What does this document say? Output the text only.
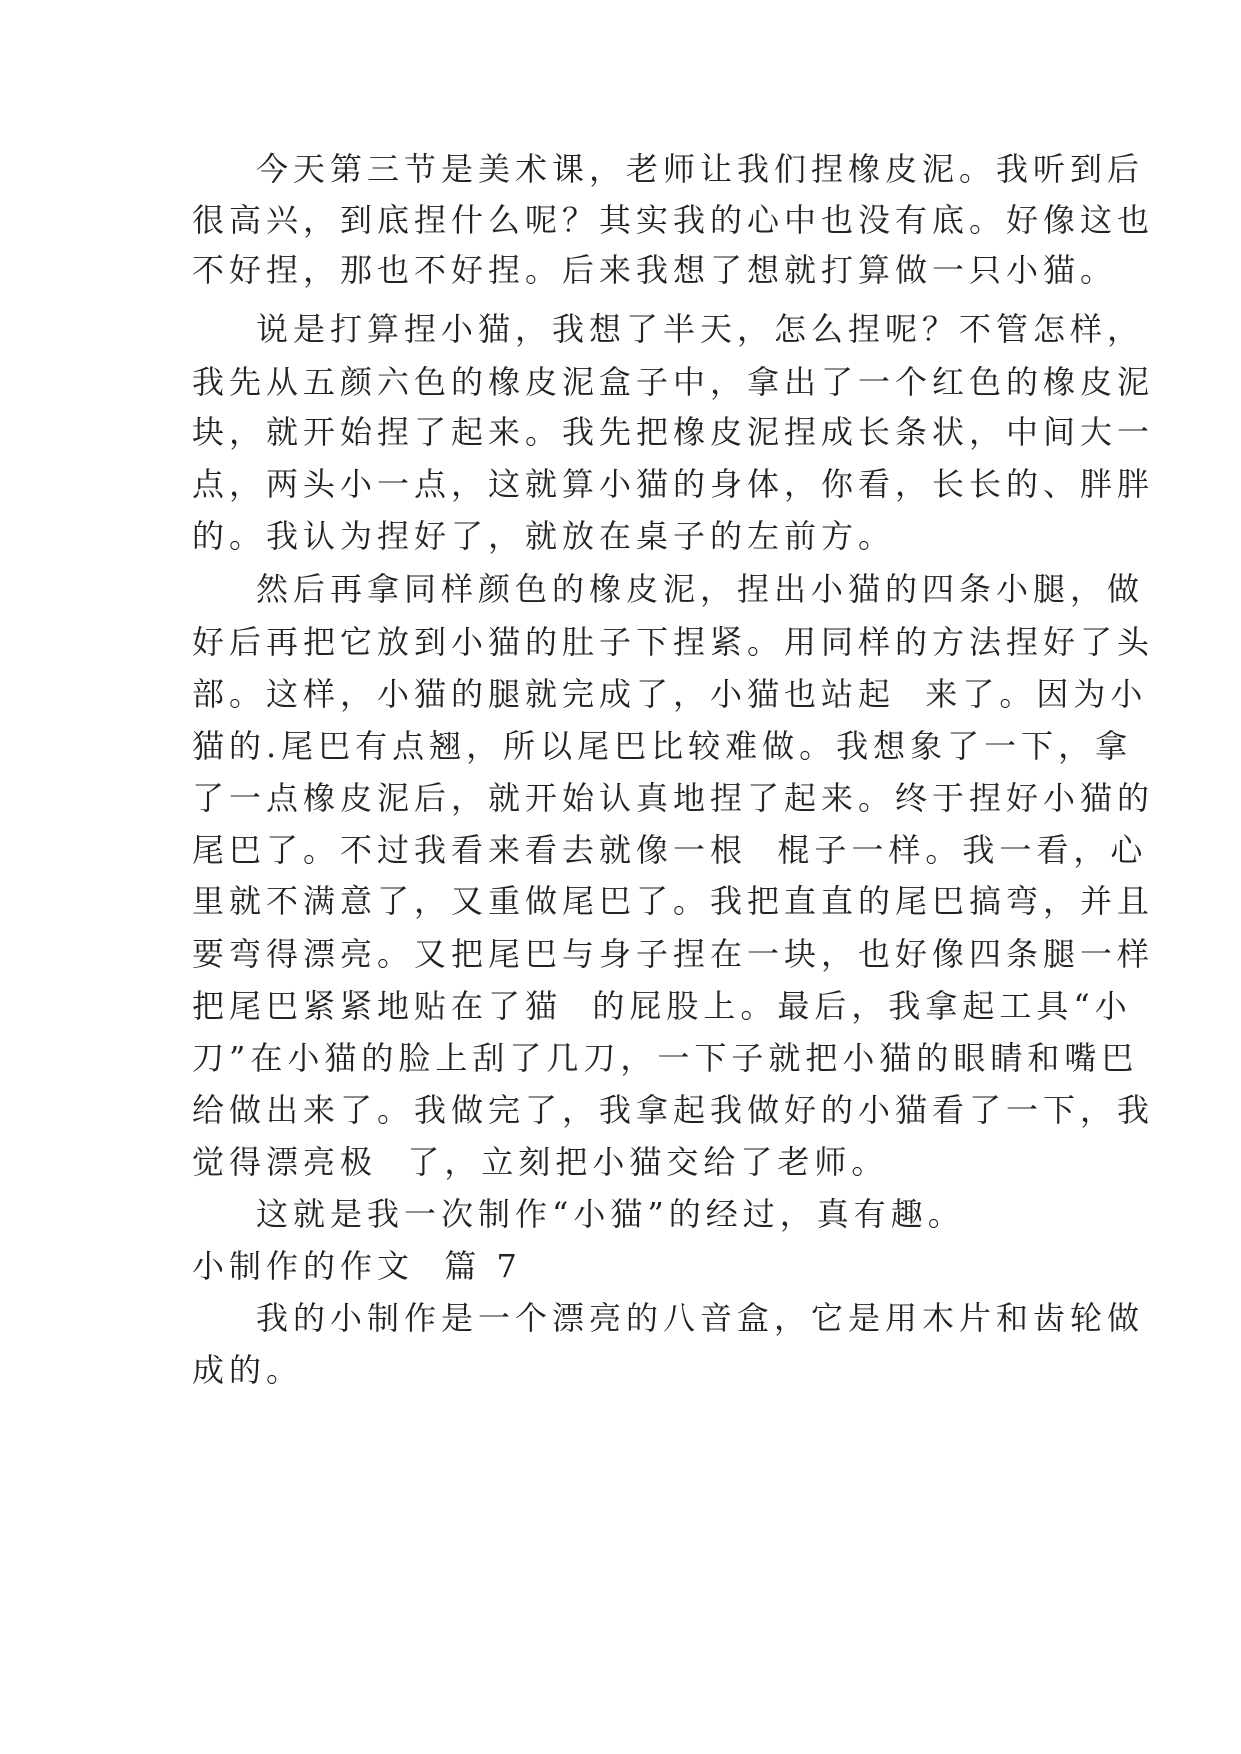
今天第三节是美术课，老师让我们捏橡皮泥。我听到后
很高兴，到底捏什么呢？其实我的心中也没有底。好像这也
不好捏，那也不好捏。后来我想了想就打算做一只小猫。
说是打算捏小猫，我想了半天，怎么捏呢？不管怎样，
我先从五颜六色的橡皮泥盒子中，拿出了一个红色的橡皮泥
块，就开始捏了起来。我先把橡皮泥捏成长条状，中间大一
点，两头小一点，这就算小猫的身体，你看，长长的、胖胖
的。我认为捏好了，就放在桌子的左前方。
然后再拿同样颜色的橡皮泥，捏出小猫的四条小腿，做
好后再把它放到小猫的肚子下捏紧。用同样的方法捏好了头
部。这样，小猫的腿就完成了，小猫也站起  来了。因为小
猫的.尾巴有点翘，所以尾巴比较难做。我想象了一下，拿
了一点橡皮泥后，就开始认真地捏了起来。终于捏好小猫的
尾巴了。不过我看来看去就像一根  棍子一样。我一看，心
里就不满意了，又重做尾巴了。我把直直的尾巴搞弯，并且
要弯得漂亮。又把尾巴与身子捏在一块，也好像四条腿一样
把尾巴紧紧地贴在了猫  的屁股上。最后，我拿起工具“小
刀”在小猫的脸上刮了几刀，一下子就把小猫的眼睛和嘴巴
给做出来了。我做完了，我拿起我做好的小猫看了一下，我
觉得漂亮极  了，立刻把小猫交给了老师。
这就是我一次制作“小猫”的经过，真有趣。
小制作的作文  篇 7
我的小制作是一个漂亮的八音盒，它是用木片和齿轮做
成的。
